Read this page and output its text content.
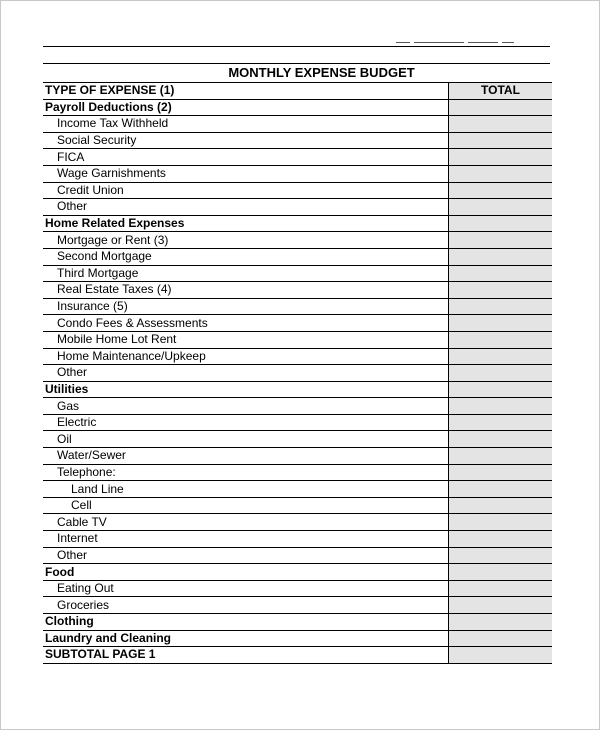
MONTHLY EXPENSE BUDGET
TYPE OF EXPENSE (1)	TOTAL
Payroll Deductions (2)	
Income Tax Withheld	
Social Security	
FICA	
Wage Garnishments	
Credit Union	
Other	
Home Related Expenses	
Mortgage or Rent (3)	
Second Mortgage	
Third Mortgage	
Real Estate Taxes (4)	
Insurance (5)	
Condo Fees & Assessments	
Mobile Home Lot Rent	
Home Maintenance/Upkeep	
Other	
Utilities	
Gas	
Electric	
Oil	
Water/Sewer	
Telephone:	
Land Line	
Cell	
Cable TV	
Internet	
Other	
Food	
Eating Out	
Groceries	
Clothing	
Laundry and Cleaning	
SUBTOTAL PAGE 1	
